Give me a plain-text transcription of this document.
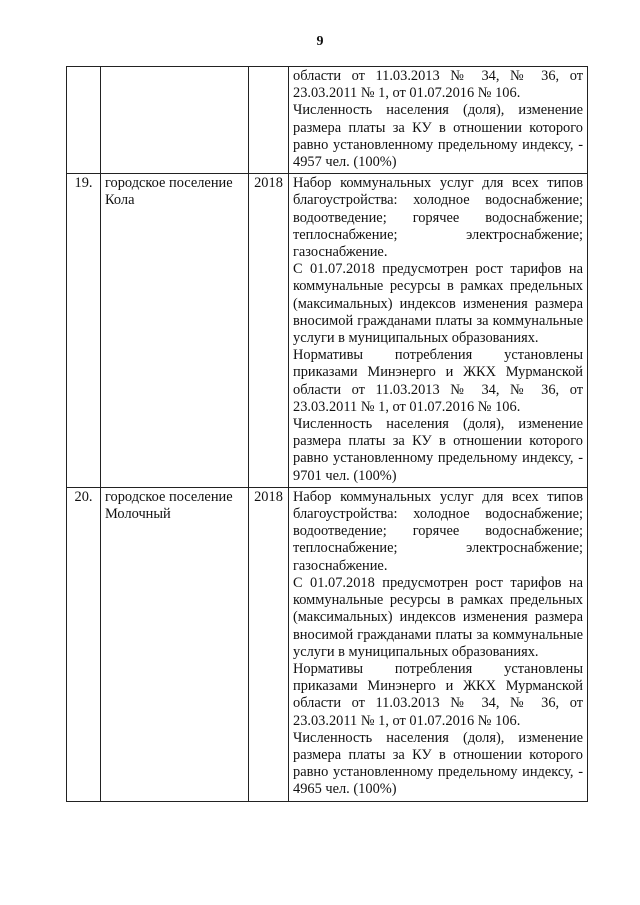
9

			области от 11.03.2013 № 34, № 36, от 23.03.2011 № 1, от 01.07.2016 № 106.
Численность населения (доля), изменение размера платы за КУ в отношении которого равно установленному предельному индексу, - 4957 чел. (100%)

19.	городское поселение Кола	2018	Набор коммунальных услуг для всех типов благоустройства: холодное водоснабжение; водоотведение; горячее водоснабжение; теплоснабжение; электроснабжение; газоснабжение.
С 01.07.2018 предусмотрен рост тарифов на коммунальные ресурсы в рамках предельных (максимальных) индексов изменения размера вносимой гражданами платы за коммунальные услуги в муниципальных образованиях.
Нормативы потребления установлены приказами Минэнерго и ЖКХ Мурманской области от 11.03.2013 № 34, № 36, от 23.03.2011 № 1, от 01.07.2016 № 106.
Численность населения (доля), изменение размера платы за КУ в отношении которого равно установленному предельному индексу, - 9701 чел. (100%)

20.	городское поселение Молочный	2018	Набор коммунальных услуг для всех типов благоустройства: холодное водоснабжение; водоотведение; горячее водоснабжение; теплоснабжение; электроснабжение; газоснабжение.
С 01.07.2018 предусмотрен рост тарифов на коммунальные ресурсы в рамках предельных (максимальных) индексов изменения размера вносимой гражданами платы за коммунальные услуги в муниципальных образованиях.
Нормативы потребления установлены приказами Минэнерго и ЖКХ Мурманской области от 11.03.2013 № 34, № 36, от 23.03.2011 № 1, от 01.07.2016 № 106.
Численность населения (доля), изменение размера платы за КУ в отношении которого равно установленному предельному индексу, - 4965 чел. (100%)
